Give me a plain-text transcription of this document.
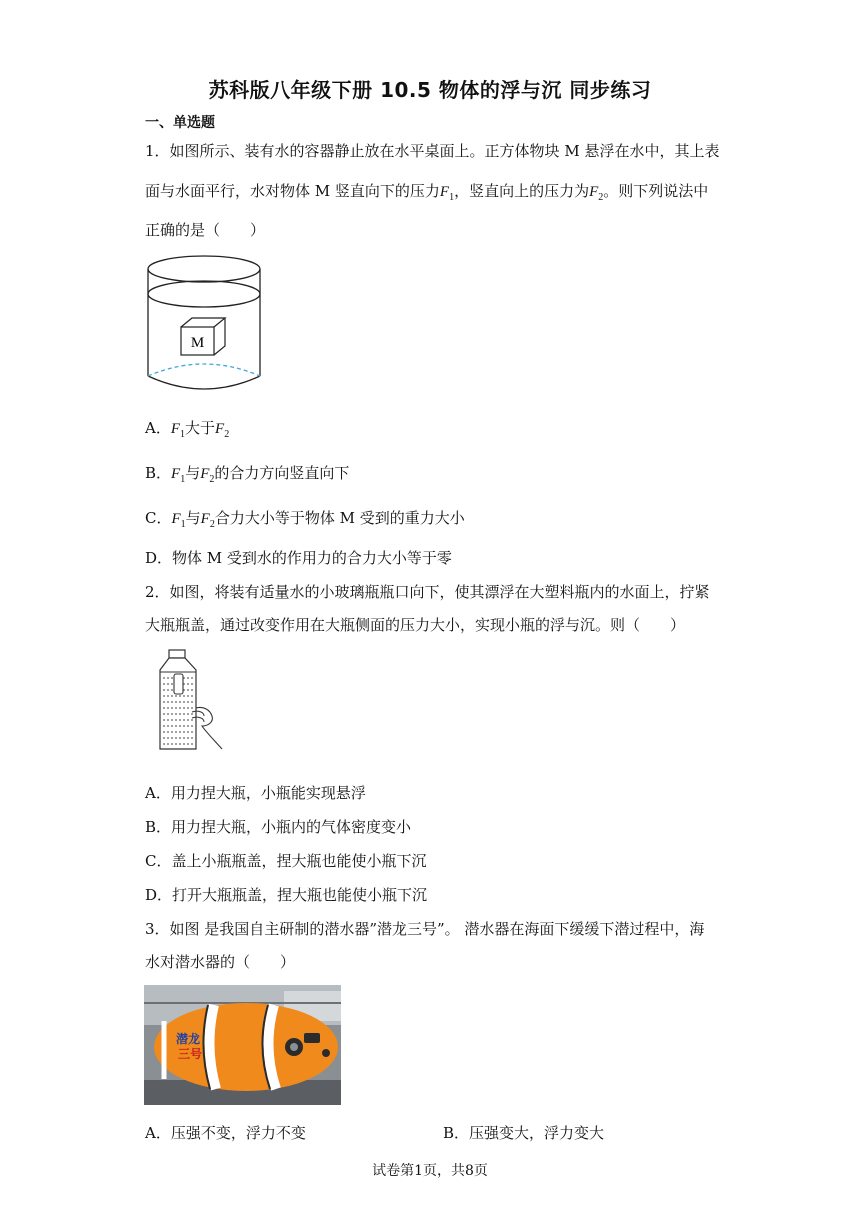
苏科版八年级下册 10.5 物体的浮与沉 同步练习
一、单选题
1．如图所示、装有水的容器静止放在水平桌面上。正方体物块 M 悬浮在水中，其上表
面与水面平行，水对物体 M 竖直向下的压力$F_1$，竖直向上的压力为$F_2$。则下列说法中
正确的是（　　）
M
A．$F_1$大于$F_2$
B．$F_1$与$F_2$的合力方向竖直向下
C．$F_1$与$F_2$合力大小等于物体 M 受到的重力大小
D．物体 M 受到水的作用力的合力大小等于零
2．如图，将装有适量水的小玻璃瓶瓶口向下，使其漂浮在大塑料瓶内的水面上，拧紧
大瓶瓶盖，通过改变作用在大瓶侧面的压力大小，实现小瓶的浮与沉。则（　　）
A．用力捏大瓶，小瓶能实现悬浮
B．用力捏大瓶，小瓶内的气体密度变小
C．盖上小瓶瓶盖，捏大瓶也能使小瓶下沉
D．打开大瓶瓶盖，捏大瓶也能使小瓶下沉
3．如图 是我国自主研制的潜水器”潜龙三号”。 潜水器在海面下缓缓下潜过程中，海
水对潜水器的（　　）
潜龙
三号
A．压强不变，浮力不变	B．压强变大，浮力变大
试卷第1页，共8页
